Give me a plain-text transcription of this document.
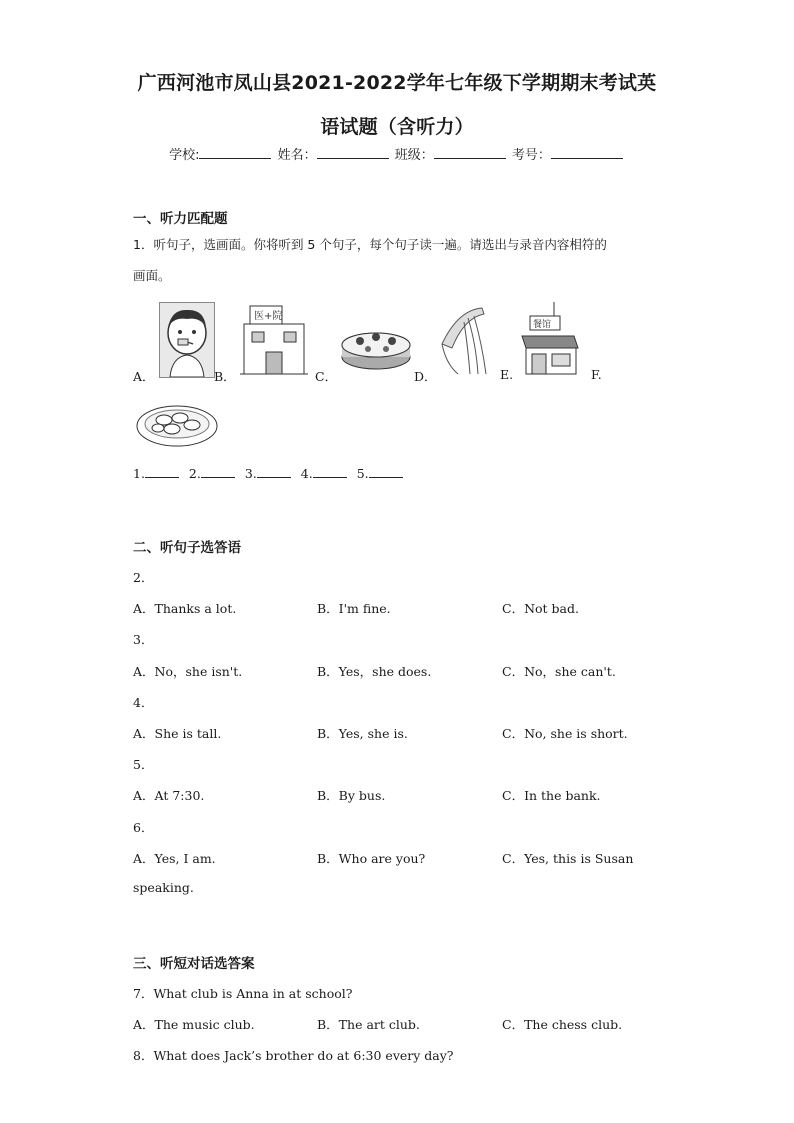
广西河池市凤山县2021-2022学年七年级下学期期末考试英
语试题（含听力）
学校:	姓名：	班级：	考号：
一、听力匹配题
1．听句子，选画面。你将听到 5 个句子，每个句子读一遍。请选出与录音内容相符的
画面。
A．	B．
医+院
C．	D．	E.
餐馆
F.
1.	2.	3.	4.	5.
二、听句子选答语
2．
A．Thanks a lot.	B．I'm fine.	C．Not bad.
3．
A．No，she isn't.	B．Yes，she does.	C．No，she can't.
4．
A．She is tall.	B．Yes, she is.	C．No, she is short.
5．
A．At 7:30.	B．By bus.	C．In the bank.
6．
A．Yes, I am.	B．Who are you?	C．Yes, this is Susan
speaking.
三、听短对话选答案
7．What club is Anna in at school?
A．The music club.	B．The art club.	C．The chess club.
8．What does Jack’s brother do at 6:30 every day?
